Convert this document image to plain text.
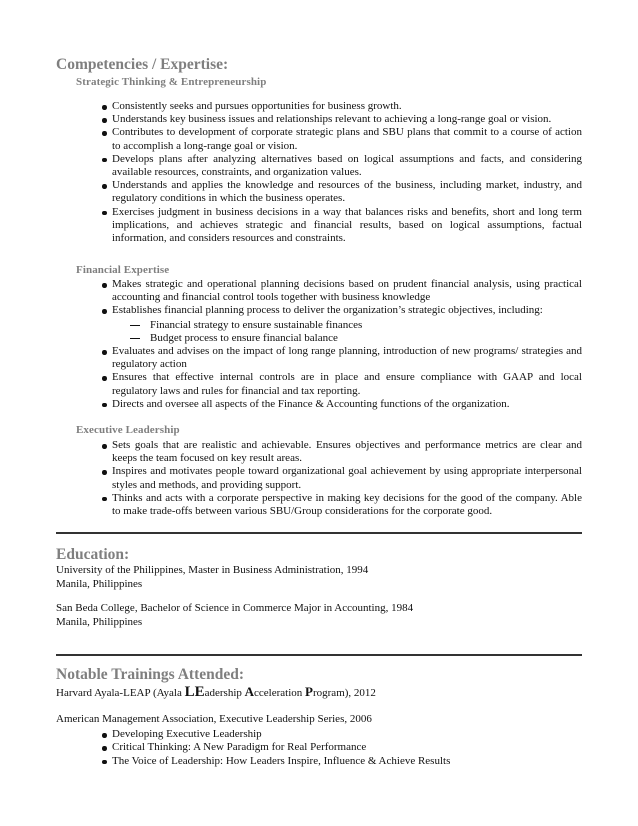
Competencies / Expertise:
Strategic Thinking & Entrepreneurship
Consistently seeks and pursues opportunities for business growth.
Understands key business issues and relationships relevant to achieving a long-range goal or vision.
Contributes to development of corporate strategic plans and SBU plans that commit to a course of action to accomplish a long-range goal or vision.
Develops plans after analyzing alternatives based on logical assumptions and facts, and considering available resources, constraints, and organization values.
Understands and applies the knowledge and resources of the business, including market, industry, and regulatory conditions in which the business operates.
Exercises judgment in business decisions in a way that balances risks and benefits, short and long term implications, and achieves strategic and financial results, based on logical assumptions, factual information, and considers resources and constraints.
Financial Expertise
Makes strategic and operational planning decisions based on prudent financial analysis, using practical accounting and financial control tools together with business knowledge
Establishes financial planning process to deliver the organization’s strategic objectives, including:
Financial strategy to ensure sustainable finances
Budget process to ensure financial balance
Evaluates and advises on the impact of long range planning, introduction of new programs/ strategies and regulatory action
Ensures that effective internal controls are in place and ensure compliance with GAAP and local regulatory laws and rules for financial and tax reporting.
Directs and oversee all aspects of the Finance & Accounting functions of the organization.
Executive Leadership
Sets goals that are realistic and achievable. Ensures objectives and performance metrics are clear and keeps the team focused on key result areas.
Inspires and motivates people toward organizational goal achievement by using appropriate interpersonal styles and methods, and providing support.
Thinks and acts with a corporate perspective in making key decisions for the good of the company. Able to make trade-offs between various SBU/Group considerations for the corporate good.
Education:
University of the Philippines, Master in Business Administration, 1994
Manila, Philippines
San Beda College, Bachelor of Science in Commerce Major in Accounting, 1984
Manila, Philippines
Notable Trainings Attended:
Harvard Ayala-LEAP (Ayala LEadership Acceleration Program), 2012
American Management Association, Executive Leadership Series, 2006
Developing Executive Leadership
Critical Thinking: A New Paradigm for Real Performance
The Voice of Leadership: How Leaders Inspire, Influence & Achieve Results
